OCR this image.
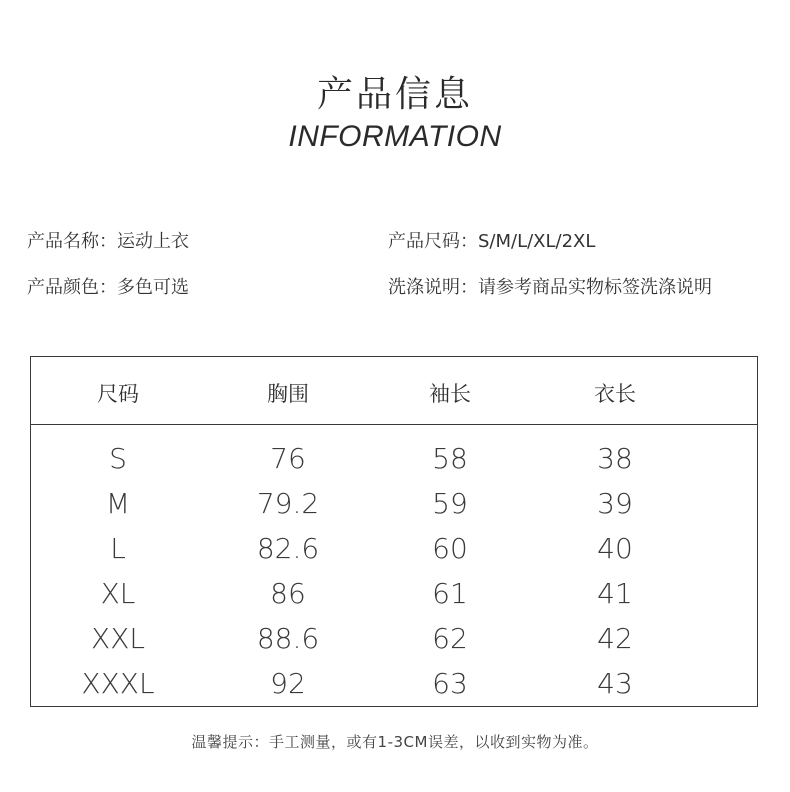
产品信息
INFORMATION
产品名称：运动上衣	产品尺码：S/M/L/XL/2XL
产品颜色：多色可选	洗涤说明：请参考商品实物标签洗涤说明
尺码	胸围	袖长	衣长
S	76	58	38
M	79.2	59	39
L	82.6	60	40
XL	86	61	41
XXL	88.6	62	42
XXXL	92	63	43
温馨提示：手工测量，或有1-3CM误差，以收到实物为准。
